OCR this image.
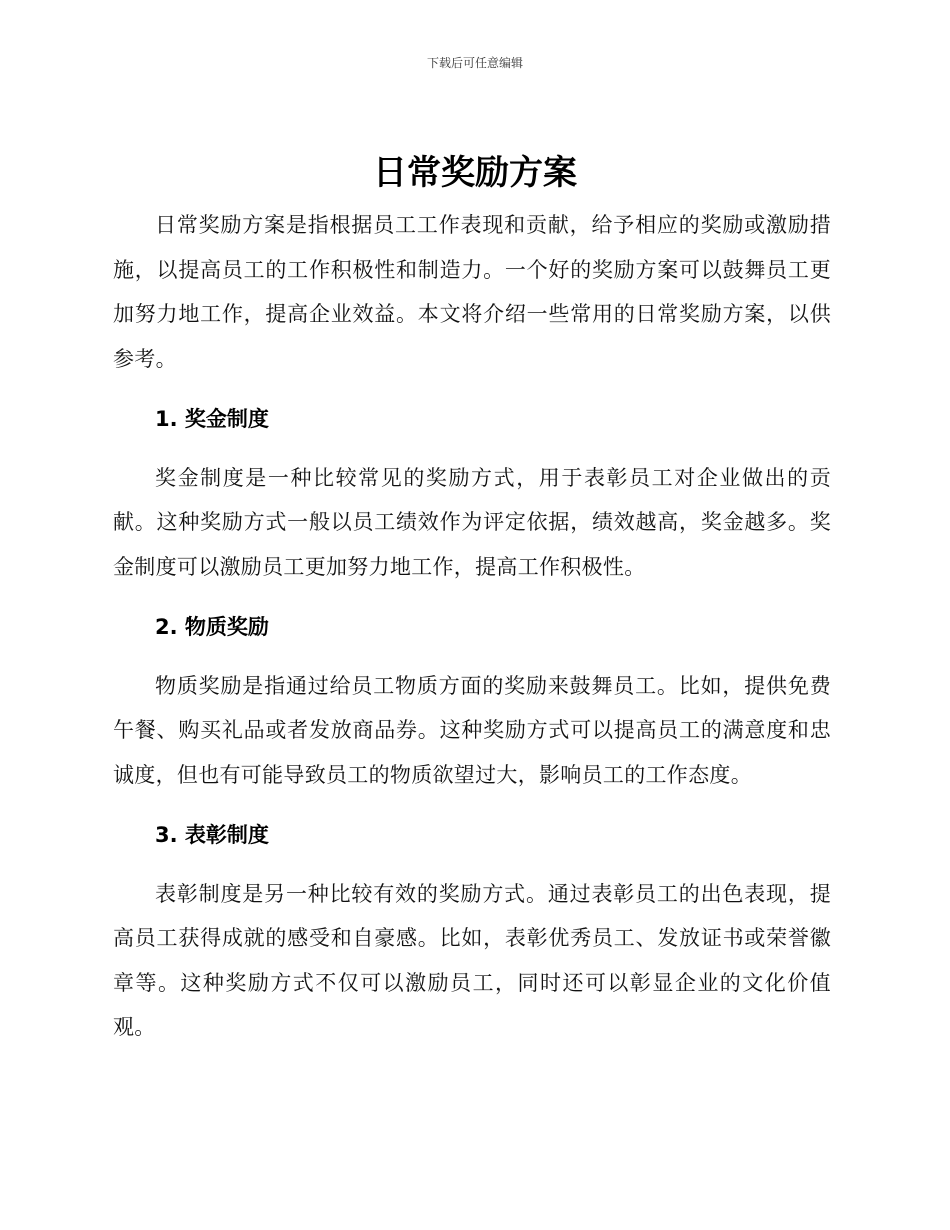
下载后可任意编辑
日常奖励方案

日常奖励方案是指根据员工工作表现和贡献，给予相应的奖励或激励措施，以提高员工的工作积极性和制造力。一个好的奖励方案可以鼓舞员工更加努力地工作，提高企业效益。本文将介绍一些常用的日常奖励方案，以供参考。

1. 奖金制度

奖金制度是一种比较常见的奖励方式，用于表彰员工对企业做出的贡献。这种奖励方式一般以员工绩效作为评定依据，绩效越高，奖金越多。奖金制度可以激励员工更加努力地工作，提高工作积极性。

2. 物质奖励

物质奖励是指通过给员工物质方面的奖励来鼓舞员工。比如，提供免费午餐、购买礼品或者发放商品券。这种奖励方式可以提高员工的满意度和忠诚度，但也有可能导致员工的物质欲望过大，影响员工的工作态度。

3. 表彰制度

表彰制度是另一种比较有效的奖励方式。通过表彰员工的出色表现，提高员工获得成就的感受和自豪感。比如，表彰优秀员工、发放证书或荣誉徽章等。这种奖励方式不仅可以激励员工，同时还可以彰显企业的文化价值观。
